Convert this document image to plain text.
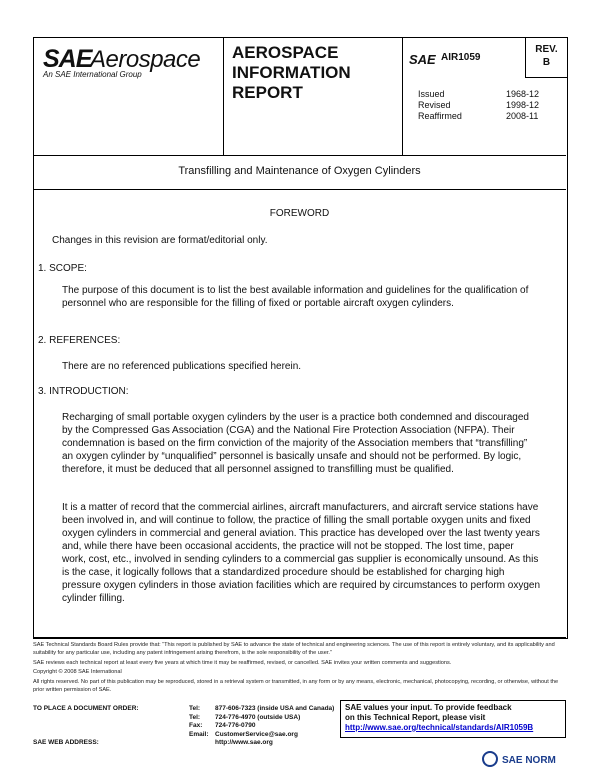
SAE
Aerospace
An SAE International Group
AEROSPACE
INFORMATION
REPORT
SAE AIR1059
REV.
B
Issued	1968-12
Revised	1998-12
Reaffirmed	2008-11
Transfilling and Maintenance of Oxygen Cylinders
FOREWORD
Changes in this revision are format/editorial only.
1. SCOPE:
The purpose of this document is to list the best available information and guidelines for the qualification of personnel who are responsible for the filling of fixed or portable aircraft oxygen cylinders.
2. REFERENCES:
There are no referenced publications specified herein.
3. INTRODUCTION:
Recharging of small portable oxygen cylinders by the user is a practice both condemned and discouraged by the Compressed Gas Association (CGA) and the National Fire Protection Association (NFPA). Their condemnation is based on the firm conviction of the majority of the Association members that “transfilling” an oxygen cylinder by “unqualified” personnel is basically unsafe and should not be performed. By logic, therefore, it must be deduced that all personnel assigned to transfilling must be qualified.
It is a matter of record that the commercial airlines, aircraft manufacturers, and aircraft service stations have been involved in, and will continue to follow, the practice of filling the small portable oxygen units and fixed oxygen cylinders in commercial and general aviation. This practice has developed over the last twenty years and, while there have been occasional accidents, the practice will not be stopped. The lost time, paper work, cost, etc., involved in sending cylinders to a commercial gas supplier is economically unsound. As this is the case, it logically follows that a standardized procedure should be established for charging high pressure oxygen cylinders in those aviation facilities which are required by circumstances to perform oxygen cylinder filling.
SAE Technical Standards Board Rules provide that: “This report is published by SAE to advance the state of technical and engineering sciences. The use of this report is entirely voluntary, and its applicability and suitability for any particular use, including any patent infringement arising therefrom, is the sole responsibility of the user.”
SAE reviews each technical report at least every five years at which time it may be reaffirmed, revised, or cancelled. SAE invites your written comments and suggestions.
Copyright © 2008 SAE International
All rights reserved. No part of this publication may be reproduced, stored in a retrieval system or transmitted, in any form or by any means, electronic, mechanical, photocopying, recording, or otherwise, without the prior written permission of SAE.
TO PLACE A DOCUMENT ORDER:	Tel:	877-606-7323 (inside USA and Canada)
Tel:	724-776-4970 (outside USA)
Fax:	724-776-0790
Email: CustomerService@sae.org
SAE WEB ADDRESS:	http://www.sae.org
SAE values your input. To provide feedback
on this Technical Report, please visit
http://www.sae.org/technical/standards/AIR1059B
SAE NORM
